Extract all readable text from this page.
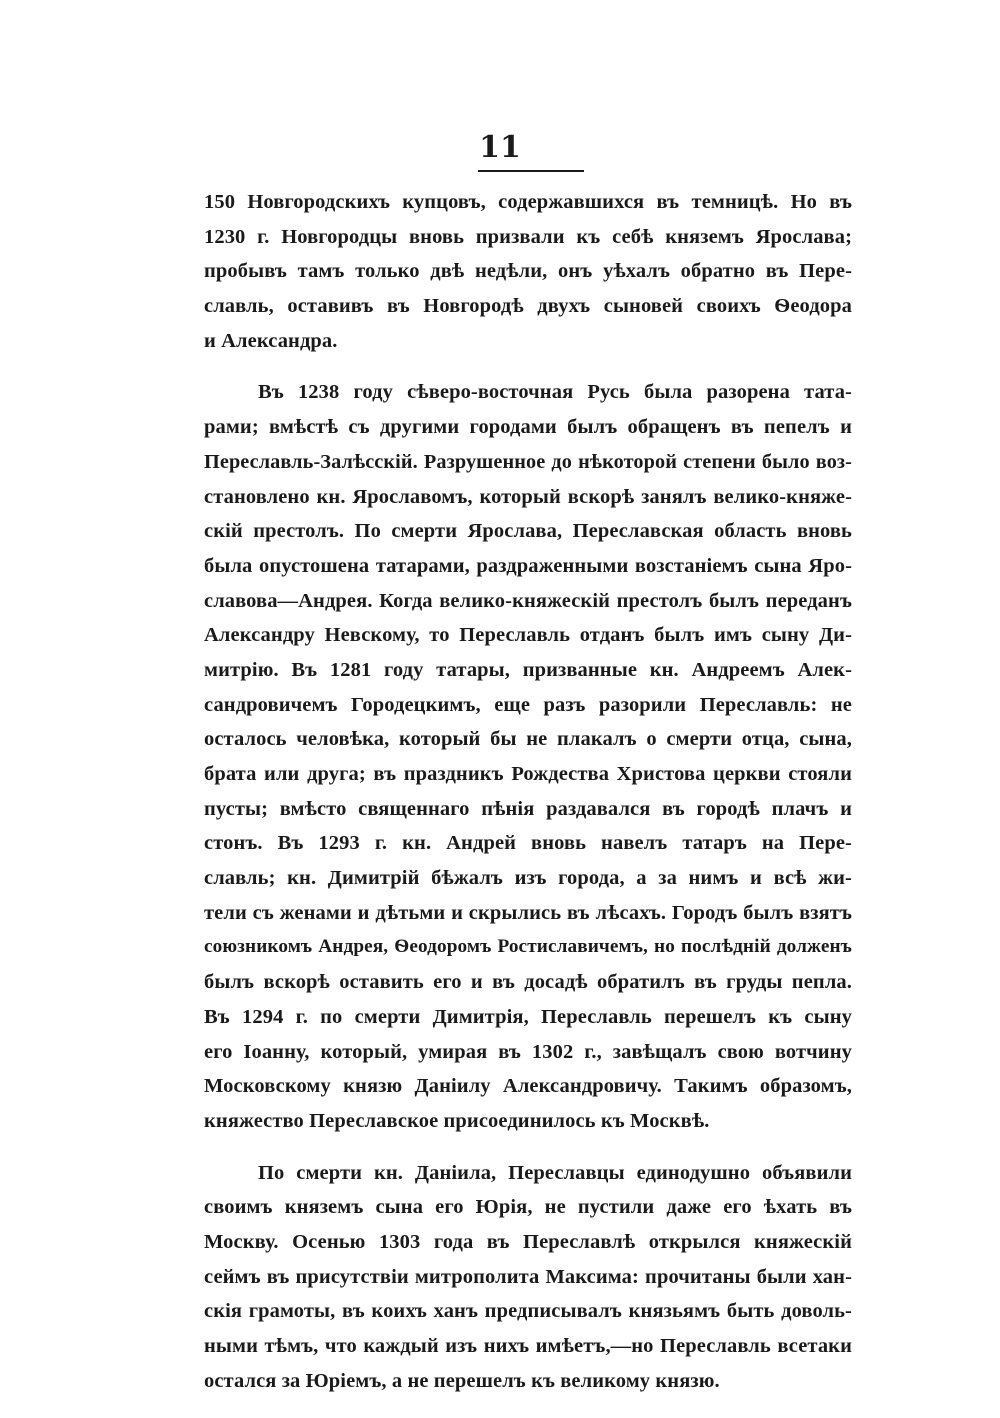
11
150 Новгородскихъ купцовъ, содержавшихся въ темницѣ. Но въ
1230 г. Новгородцы вновь призвали къ себѣ княземъ Ярослава;
пробывъ тамъ только двѣ недѣли, онъ уѣхалъ обратно въ Пере-
славль, оставивъ въ Новгородѣ двухъ сыновей своихъ Ѳеодора
и Александра.
Въ 1238 году сѣверо-восточная Русь была разорена тата-
рами; вмѣстѣ съ другими городами былъ обращенъ въ пепелъ и
Переславль-Залѣсскій. Разрушенное до нѣкоторой степени было воз-
становлено кн. Ярославомъ, который вскорѣ занялъ велико-княже-
скій престолъ. По смерти Ярослава, Переславская область вновь
была опустошена татарами, раздраженными возстаніемъ сына Яро-
славова—Андрея. Когда велико-княжескій престолъ былъ переданъ
Александру Невскому, то Переславль отданъ былъ имъ сыну Ди-
митрію. Въ 1281 году татары, призванные кн. Андреемъ Алек-
сандровичемъ Городецкимъ, еще разъ разорили Переславль: не
осталось человѣка, который бы не плакалъ о смерти отца, сына,
брата или друга; въ праздникъ Рождества Христова церкви стояли
пусты; вмѣсто священнаго пѣнія раздавался въ городѣ плачъ и
стонъ. Въ 1293 г. кн. Андрей вновь навелъ татаръ на Пере-
славль; кн. Димитрій бѣжалъ изъ города, а за нимъ и всѣ жи-
тели съ женами и дѣтьми и скрылись въ лѣсахъ. Городъ былъ взятъ
союзникомъ Андрея, Ѳеодоромъ Ростиславичемъ, но послѣдній долженъ
былъ вскорѣ оставить его и въ досадѣ обратилъ въ груды пепла.
Въ 1294 г. по смерти Димитрія, Переславль перешелъ къ сыну
его Іоанну, который, умирая въ 1302 г., завѣщалъ свою вотчину
Московскому князю Даніилу Александровичу. Такимъ образомъ,
княжество Переславское присоединилось къ Москвѣ.
По смерти кн. Даніила, Переславцы единодушно объявили
своимъ княземъ сына его Юрія, не пустили даже его ѣхать въ
Москву. Осенью 1303 года въ Переславлѣ открылся княжескій
сеймъ въ присутствіи митрополита Максима: прочитаны были хан-
скія грамоты, въ коихъ ханъ предписывалъ князьямъ быть доволь-
ными тѣмъ, что каждый изъ нихъ имѣетъ,—но Переславль всетаки
остался за Юріемъ, а не перешелъ къ великому князю.
